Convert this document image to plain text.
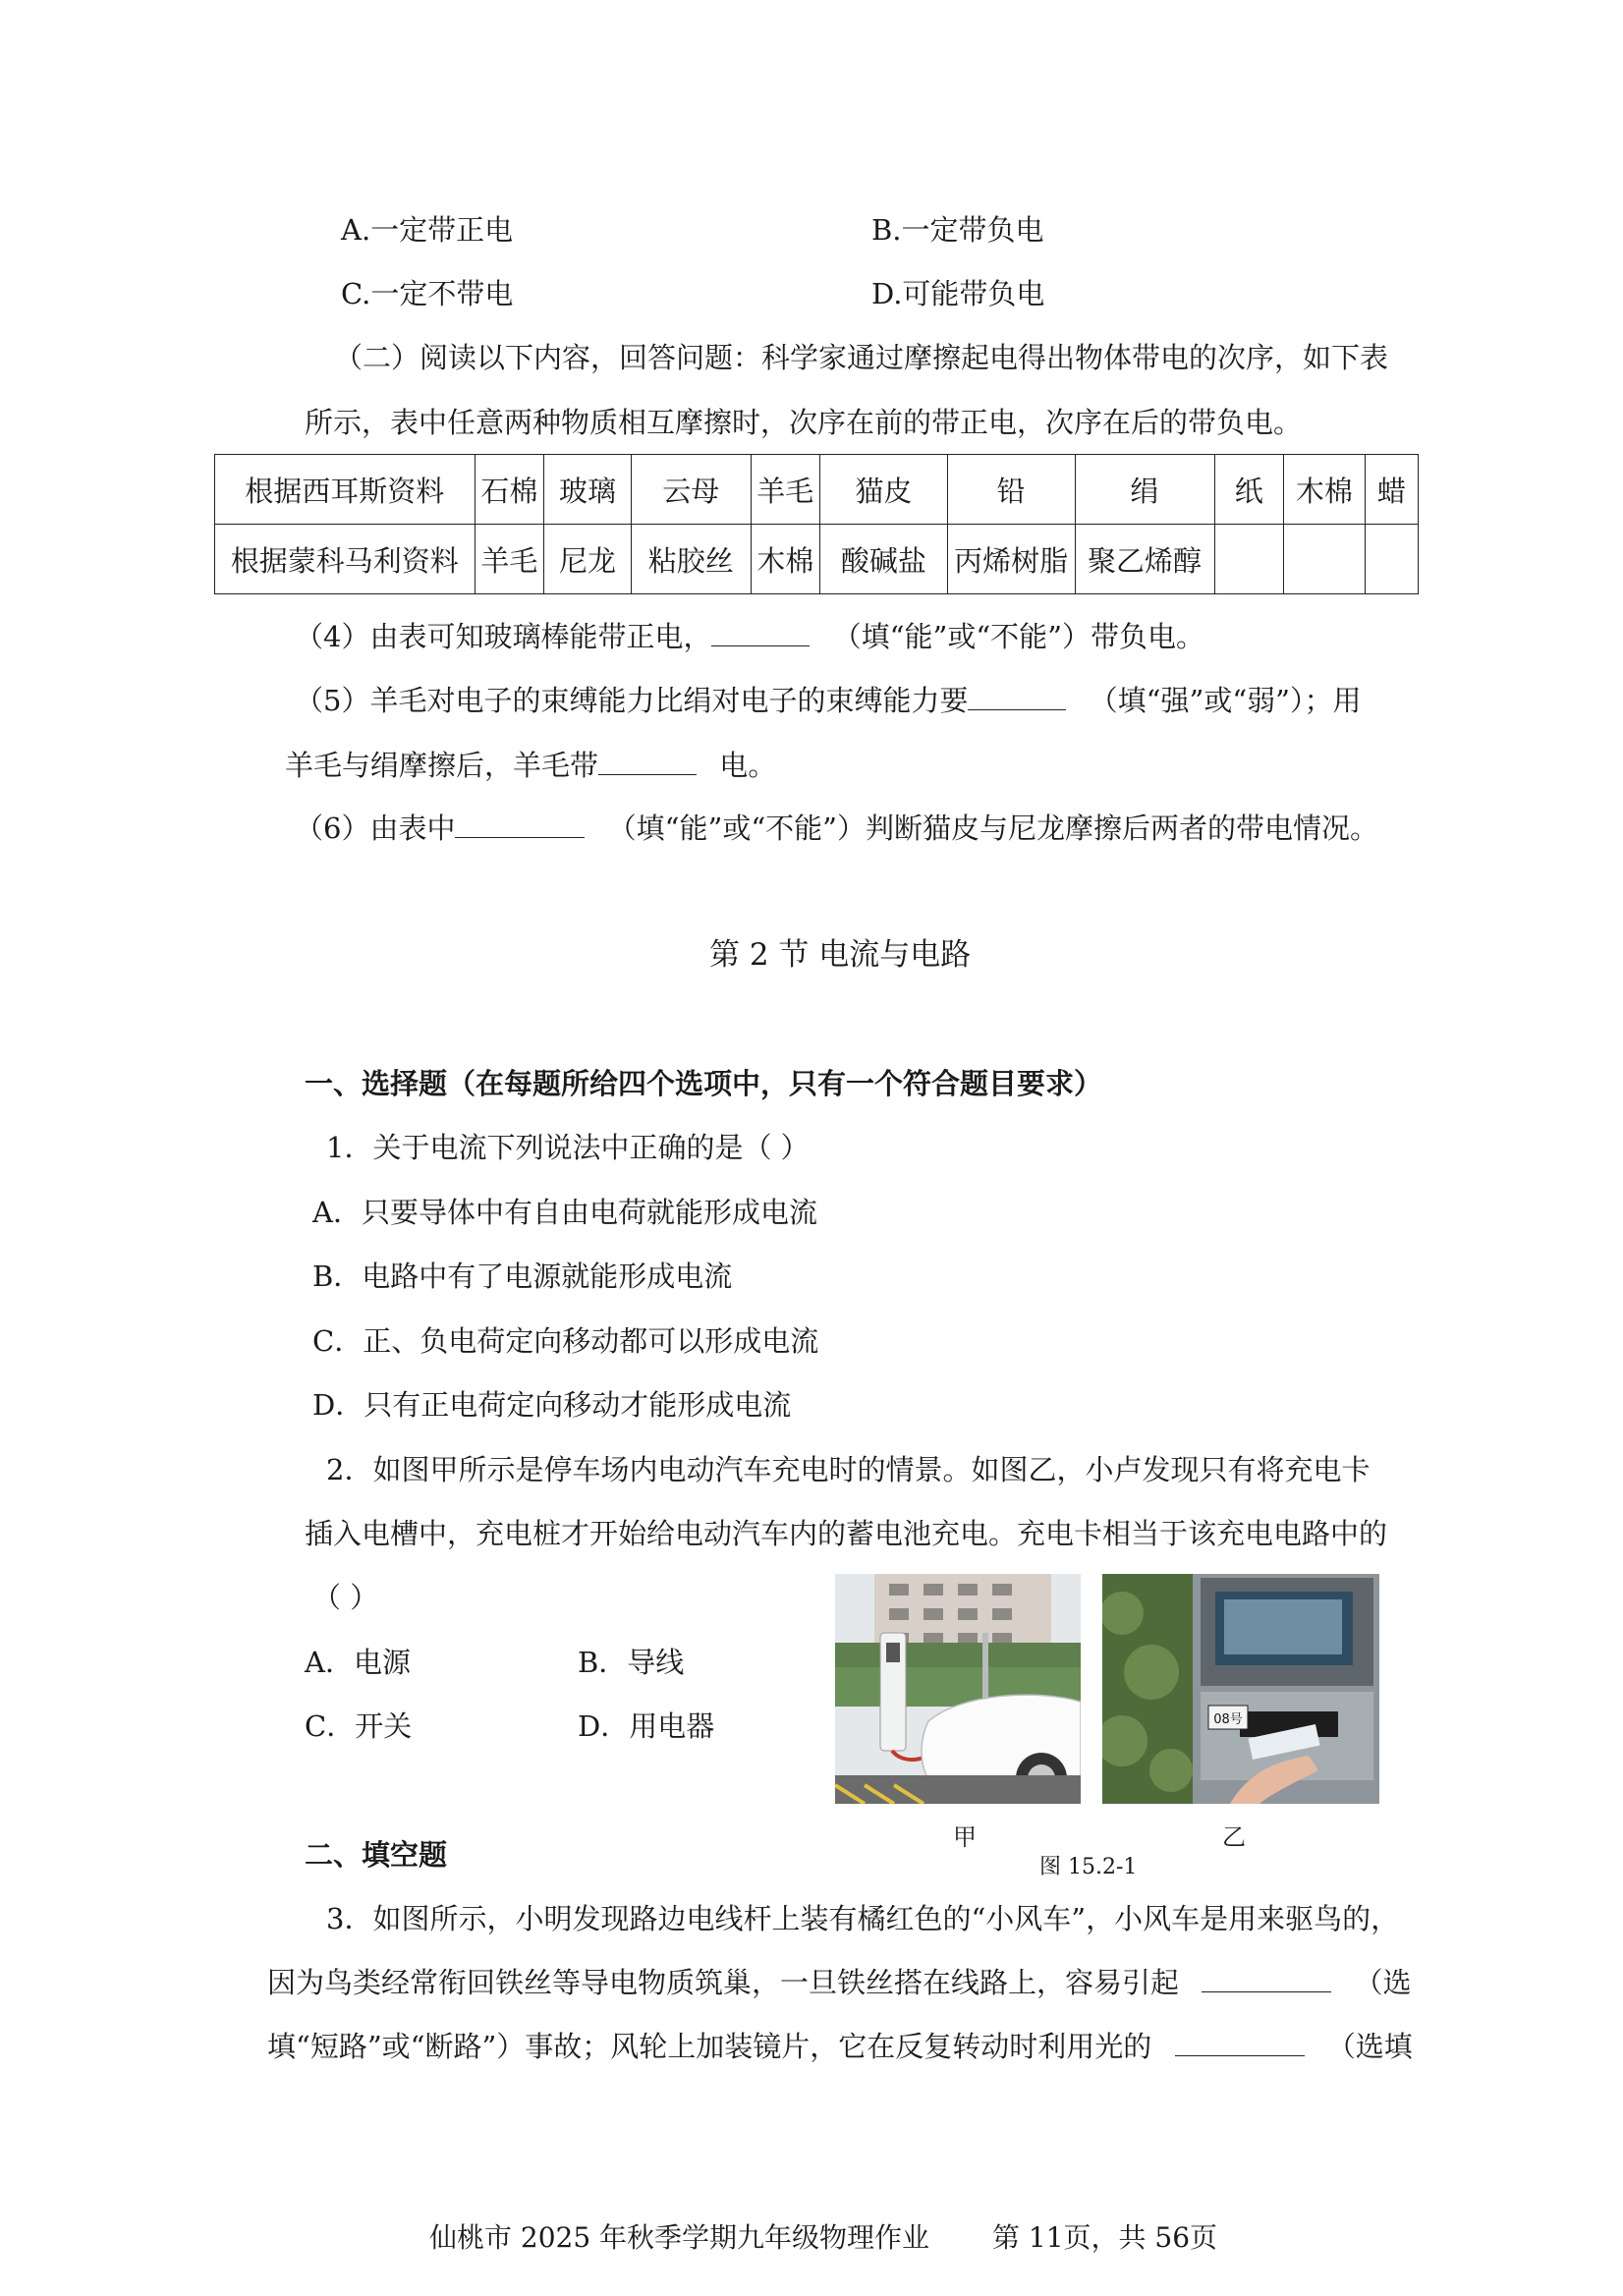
A.一定带正电	B.一定带负电
C.一定不带电	D.可能带负电
（二）阅读以下内容，回答问题：科学家通过摩擦起电得出物体带电的次序，如下表
所示，表中任意两种物质相互摩擦时，次序在前的带正电，次序在后的带负电。
根据西耳斯资料	石棉	玻璃	云母	羊毛	猫皮	铅	绢	纸	木棉	蜡
根据蒙科马利资料	羊毛	尼龙	粘胶丝	木棉	酸碱盐	丙烯树脂	聚乙烯醇			
（4）由表可知玻璃棒能带正电，	（填“能”或“不能”）带负电。
（5）羊毛对电子的束缚能力比绢对电子的束缚能力要	（填“强”或“弱”）；用
羊毛与绢摩擦后，羊毛带	电。
（6）由表中	（填“能”或“不能”）判断猫皮与尼龙摩擦后两者的带电情况。
第 2 节 电流与电路
一、选择题（在每题所给四个选项中，只有一个符合题目要求）
1．关于电流下列说法中正确的是（ ）
A．只要导体中有自由电荷就能形成电流
B．电路中有了电源就能形成电流
C．正、负电荷定向移动都可以形成电流
D．只有正电荷定向移动才能形成电流
2．如图甲所示是停车场内电动汽车充电时的情景。如图乙，小卢发现只有将充电卡
插入电槽中，充电桩才开始给电动汽车内的蓄电池充电。充电卡相当于该充电电路中的
（ ）
A．电源	B．导线
C．开关	D．用电器	08号
甲	乙
图 15.2-1
二、填空题
3．如图所示，小明发现路边电线杆上装有橘红色的“小风车”，小风车是用来驱鸟的，
因为鸟类经常衔回铁丝等导电物质筑巢，一旦铁丝搭在线路上，容易引起	（选
填“短路”或“断路”）事故；风轮上加装镜片，它在反复转动时利用光的	（选填
仙桃市 2025 年秋季学期九年级物理作业 第 11页，共 56页
